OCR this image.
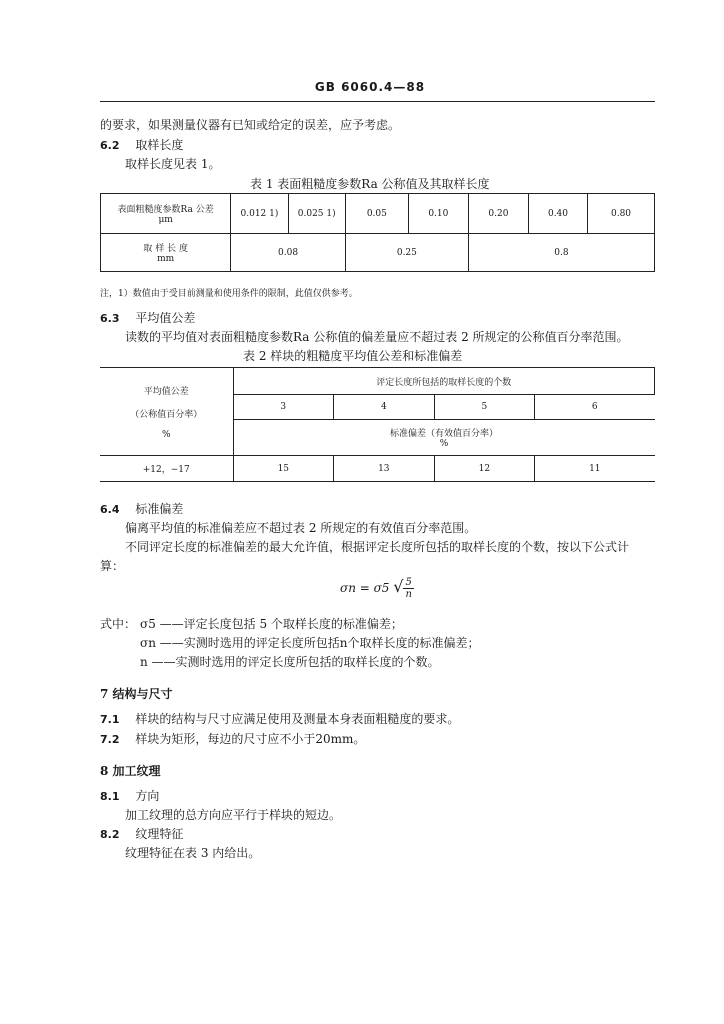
GB 6060.4—88
的要求，如果测量仪器有已知或给定的误差，应予考虑。
6.2 取样长度
取样长度见表 1。
表 1 表面粗糙度参数Ra 公称值及其取样长度
表面粗糙度参数Ra 公差
μm	0.012 1)	0.025 1)	0.05	0.10	0.20	0.40	0.80

取 样 长 度
mm	0.08		0.25		0.8		
注，1）数值由于受目前测量和使用条件的限制，此值仅供参考。
6.3 平均值公差
读数的平均值对表面粗糙度参数Ra 公称值的偏差量应不超过表 2 所规定的公称值百分率范围。
表 2 样块的粗糙度平均值公差和标准偏差
平均值公差
（公称值百分率）
%	评定长度所包括的取样长度的个数			
	3	4	5	6

	标准偏差（有效值百分率）
%			

+12，−17	15	13	12	11
6.4 标准偏差
偏离平均值的标准偏差应不超过表 2 所规定的有效值百分率范围。
不同评定长度的标准偏差的最大允许值，根据评定长度所包括的取样长度的个数，按以下公式计
算：
σn = σ5 √ $\frac{5}{n}$
式中： σ5 ——评定长度包括 5 个取样长度的标准偏差；
σn ——实测时选用的评定长度所包括n个取样长度的标准偏差；
n ——实测时选用的评定长度所包括的取样长度的个数。
7 结构与尺寸
7.1 样块的结构与尺寸应满足使用及测量本身表面粗糙度的要求。
7.2 样块为矩形，每边的尺寸应不小于20mm。
8 加工纹理
8.1 方向
加工纹理的总方向应平行于样块的短边。
8.2 纹理特征
纹理特征在表 3 内给出。
